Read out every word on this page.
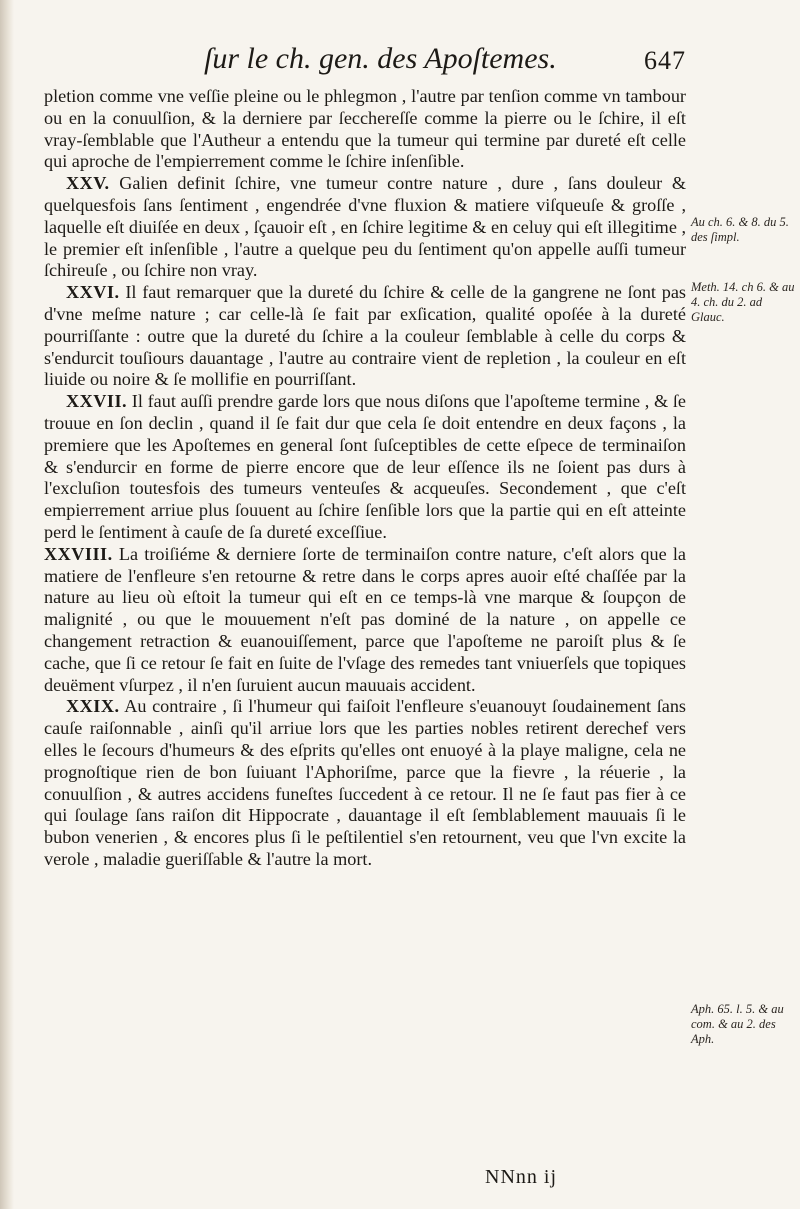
ſur le ch. gen. des Apoſtemes.	647

pletion comme vne veſſie pleine ou le phlegmon , l'autre par tenſion comme vn tambour ou en la conuulſion, & la derniere par ſecchereſſe comme la pierre ou le ſchire, il eſt vray-ſemblable que l'Autheur a entendu que la tumeur qui termine par dureté eſt celle qui aproche de l'empierrement comme le ſchire inſenſible.

XXV. Galien definit ſchire, vne tumeur contre nature , dure , ſans douleur & quelquesfois ſans ſentiment , engendrée d'vne fluxion & matiere viſqueuſe & groſſe , laquelle eſt diuiſée en deux , ſçauoir eſt , en ſchire legitime & en celuy qui eſt illegitime , le premier eſt inſenſible , l'autre a quelque peu du ſentiment qu'on appelle auſſi tumeur ſchireuſe , ou ſchire non vray.

XXVI. Il faut remarquer que la dureté du ſchire & celle de la gangrene ne ſont pas d'vne meſme nature ; car celle-là ſe fait par exſication, qualité opoſée à la dureté pourriſſante : outre que la dureté du ſchire a la couleur ſemblable à celle du corps & s'endurcit touſiours dauantage , l'autre au contraire vient de repletion , la couleur en eſt liuide ou noire & ſe mollifie en pourriſſant.

XXVII. Il faut auſſi prendre garde lors que nous diſons que l'apoſteme termine , & ſe trouue en ſon declin , quand il ſe fait dur que cela ſe doit entendre en deux façons , la premiere que les Apoſtemes en general ſont ſuſceptibles de cette eſpece de terminaiſon & s'endurcir en forme de pierre encore que de leur eſſence ils ne ſoient pas durs à l'excluſion toutesfois des tumeurs venteuſes & acqueuſes. Secondement , que c'eſt empierrement arriue plus ſouuent au ſchire ſenſible lors que la partie qui en eſt atteinte perd le ſentiment à cauſe de ſa dureté exceſſiue.

XXVIII. La troiſiéme & derniere ſorte de terminaiſon contre nature, c'eſt alors que la matiere de l'enfleure s'en retourne & retre dans le corps apres auoir eſté chaſſée par la nature au lieu où eſtoit la tumeur qui eſt en ce temps-là vne marque & ſoupçon de malignité , ou que le mouuement n'eſt pas dominé de la nature , on appelle ce changement retraction & euanouiſſement, parce que l'apoſteme ne paroiſt plus & ſe cache, que ſi ce retour ſe fait en ſuite de l'vſage des remedes tant vniuerſels que topiques deuëment vſurpez , il n'en ſuruient aucun mauuais accident.

XXIX. Au contraire , ſi l'humeur qui faiſoit l'enfleure s'euanouyt ſoudainement ſans cauſe raiſonnable , ainſi qu'il arriue lors que les parties nobles retirent derechef vers elles le ſecours d'humeurs & des eſprits qu'elles ont enuoyé à la playe maligne, cela ne prognoſtique rien de bon ſuiuant l'Aphoriſme, parce que la fievre , la réuerie , la conuulſion , & autres accidens funeſtes ſuccedent à ce retour. Il ne ſe faut pas fier à ce qui ſoulage ſans raiſon dit Hippocrate , dauantage il eſt ſemblablement mauuais ſi le bubon venerien , & encores plus ſi le peſtilentiel s'en retournent, veu que l'vn excite la verole , maladie gueriſſable & l'autre la mort.

NNnn ij
Au ch. 6. & 8. du 5. des ſimpl.
Meth. 14. ch 6. & au 4. ch. du 2. ad Glauc.
Aph. 65. l. 5. & au com. & au 2. des Aph.
